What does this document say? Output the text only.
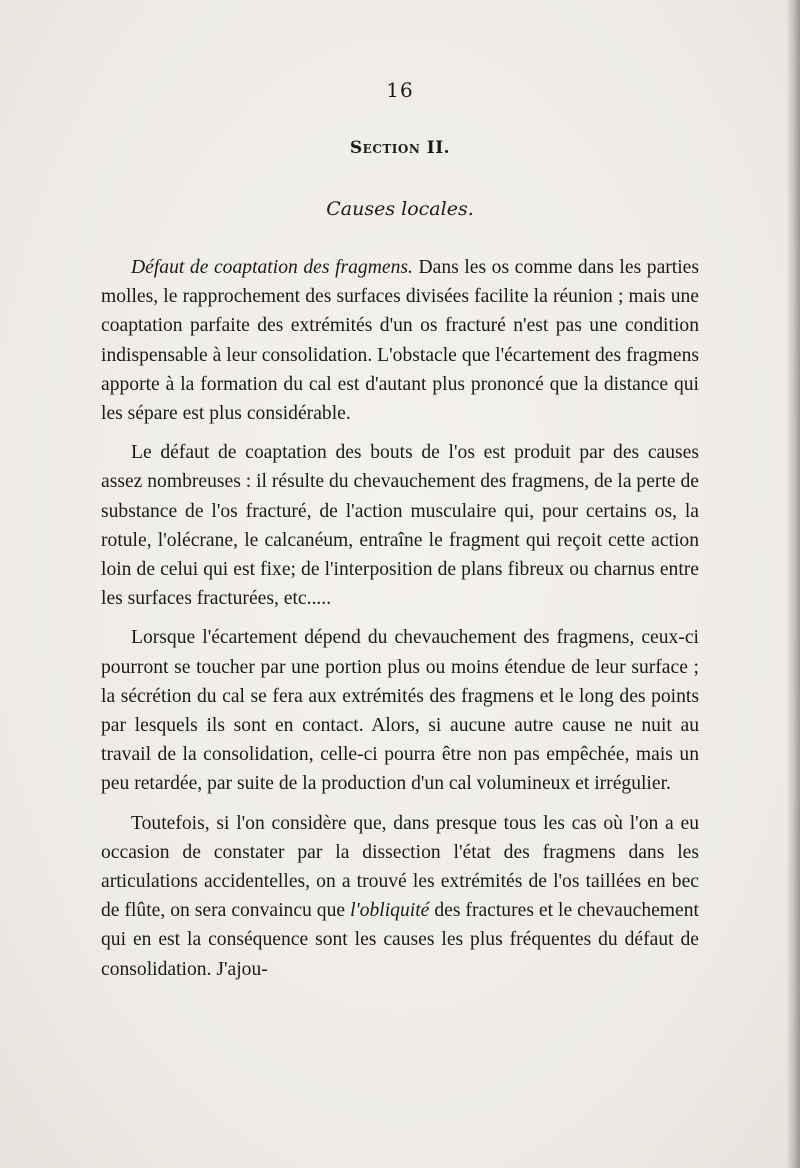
16
Section II.
Causes locales.

Défaut de coaptation des fragmens. Dans les os comme dans les parties molles, le rapprochement des surfaces divisées facilite la réunion ; mais une coaptation parfaite des extrémités d'un os fracturé n'est pas une condition indispensable à leur consolidation. L'obstacle que l'écartement des fragmens apporte à la formation du cal est d'autant plus prononcé que la distance qui les sépare est plus considérable.

Le défaut de coaptation des bouts de l'os est produit par des causes assez nombreuses : il résulte du chevauchement des fragmens, de la perte de substance de l'os fracturé, de l'action musculaire qui, pour certains os, la rotule, l'olécrane, le calcanéum, entraîne le fragment qui reçoit cette action loin de celui qui est fixe; de l'interposition de plans fibreux ou charnus entre les surfaces fracturées, etc.....

Lorsque l'écartement dépend du chevauchement des fragmens, ceux-ci pourront se toucher par une portion plus ou moins étendue de leur surface ; la sécrétion du cal se fera aux extrémités des fragmens et le long des points par lesquels ils sont en contact. Alors, si aucune autre cause ne nuit au travail de la consolidation, celle-ci pourra être non pas empêchée, mais un peu retardée, par suite de la production d'un cal volumineux et irrégulier.

Toutefois, si l'on considère que, dans presque tous les cas où l'on a eu occasion de constater par la dissection l'état des fragmens dans les articulations accidentelles, on a trouvé les extrémités de l'os taillées en bec de flûte, on sera convaincu que l'obliquité des fractures et le chevauchement qui en est la conséquence sont les causes les plus fréquentes du défaut de consolidation. J'ajou-
